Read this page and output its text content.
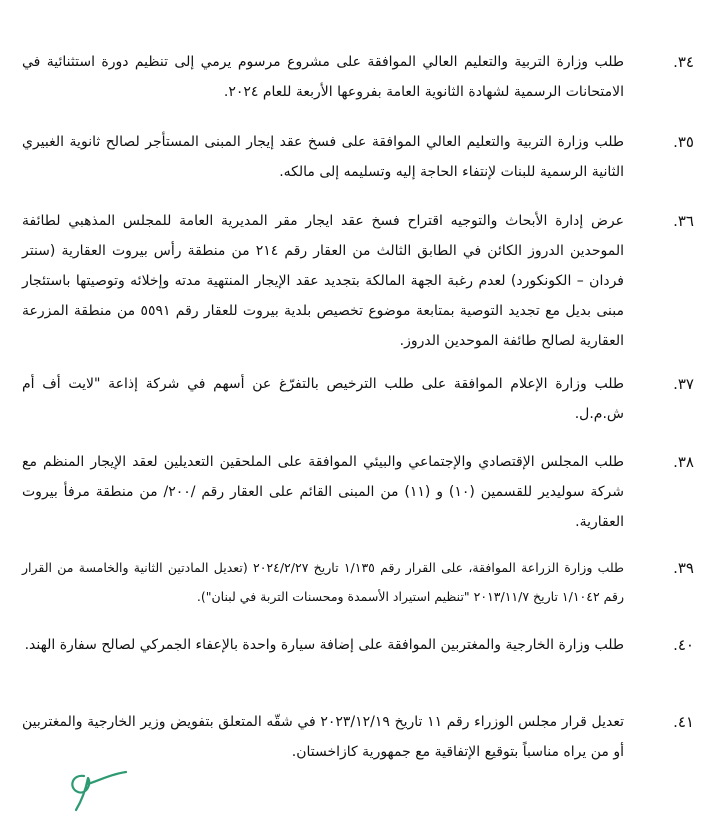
٣٤.
طلب وزارة التربية والتعليم العالي الموافقة على مشروع مرسوم يرمي إلى تنظيم دورة استثنائية في الامتحانات الرسمية لشهادة الثانوية العامة بفروعها الأربعة للعام ٢٠٢٤.
٣٥.
طلب وزارة التربية والتعليم العالي الموافقة على فسخ عقد إيجار المبنى المستأجر لصالح ثانوية الغبيري الثانية الرسمية للبنات لإنتفاء الحاجة إليه وتسليمه إلى مالكه.
٣٦.
عرض إدارة الأبحاث والتوجيه اقتراح فسخ عقد ايجار مقر المديرية العامة للمجلس المذهبي لطائفة الموحدين الدروز الكائن في الطابق الثالث من العقار رقم ٢١٤ من منطقة رأس بيروت العقارية (سنتر فردان – الكونكورد) لعدم رغبة الجهة المالكة بتجديد عقد الإيجار المنتهية مدته وإخلائه وتوصيتها باستئجار مبنى بديل مع تجديد التوصية بمتابعة موضوع تخصيص بلدية بيروت للعقار رقم ٥٥٩١ من منطقة المزرعة العقارية لصالح طائفة الموحدين الدروز.
٣٧.
طلب وزارة الإعلام الموافقة على طلب الترخيص بالتفرّغ عن أسهم في شركة إذاعة "لايت أف أم ش.م.ل.
٣٨.
طلب المجلس الإقتصادي والإجتماعي والبيئي الموافقة على الملحقين التعديلين لعقد الإيجار المنظم مع شركة سوليدير للقسمين (١٠) و (١١) من المبنى القائم على العقار رقم /٢٠٠/ من منطقة مرفأ بيروت العقارية.
٣٩.
طلب وزارة الزراعة الموافقة، على القرار رقم ١/١٣٥ تاريخ ٢٠٢٤/٢/٢٧ (تعديل المادتين الثانية والخامسة من القرار رقم ١/١٠٤٢ تاريخ ٢٠١٣/١١/٧ "تنظيم استيراد الأسمدة ومحسنات التربة في لبنان").
٤٠.
طلب وزارة الخارجية والمغتربين الموافقة على إضافة سيارة واحدة بالإعفاء الجمركي لصالح سفارة الهند.
٤١.
تعديل قرار مجلس الوزراء رقم ١١ تاريخ ٢٠٢٣/١٢/١٩ في شقّه المتعلق بتفويض وزير الخارجية والمغتربين أو من يراه مناسباً بتوقيع الإتفاقية مع جمهورية كازاخستان.
